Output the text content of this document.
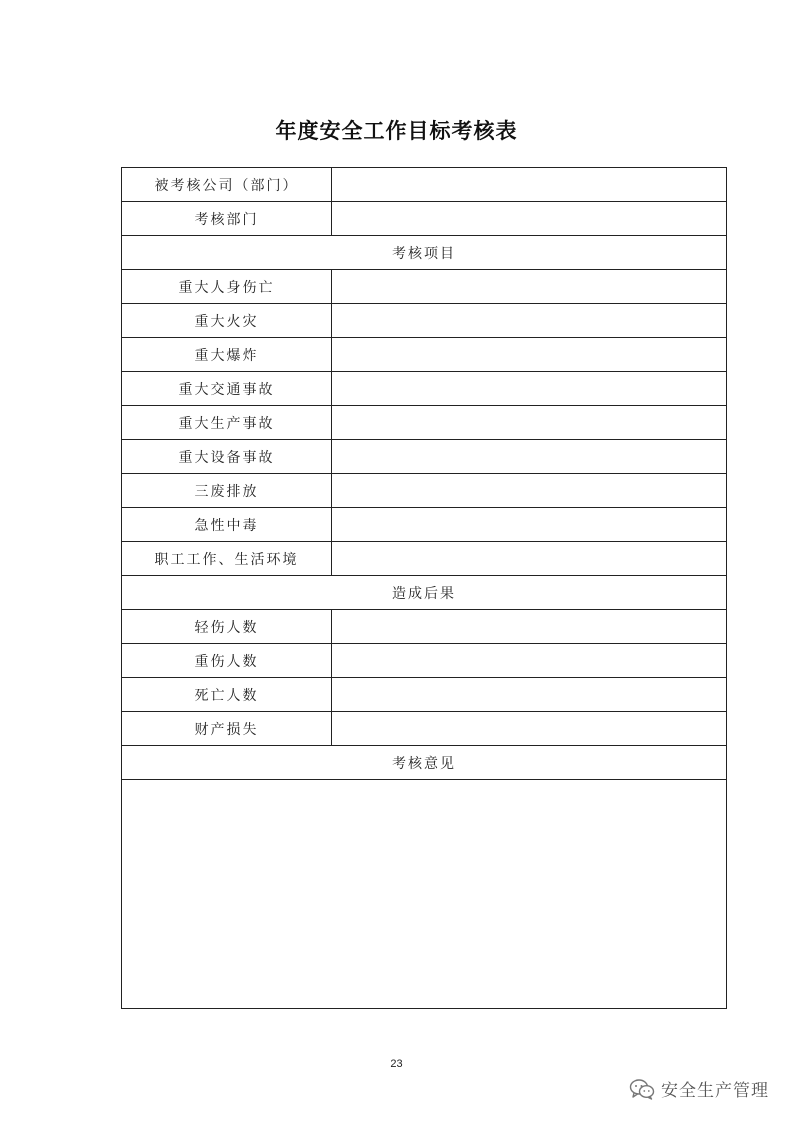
年度安全工作目标考核表
被考核公司（部门）	
考核部门	
考核项目	
重大人身伤亡	
重大火灾	
重大爆炸	
重大交通事故	
重大生产事故	
重大设备事故	
三废排放	
急性中毒	
职工工作、生活环境	
造成后果	
轻伤人数	
重伤人数	
死亡人数	
财产损失	
考核意见	

23
安全生产管理
